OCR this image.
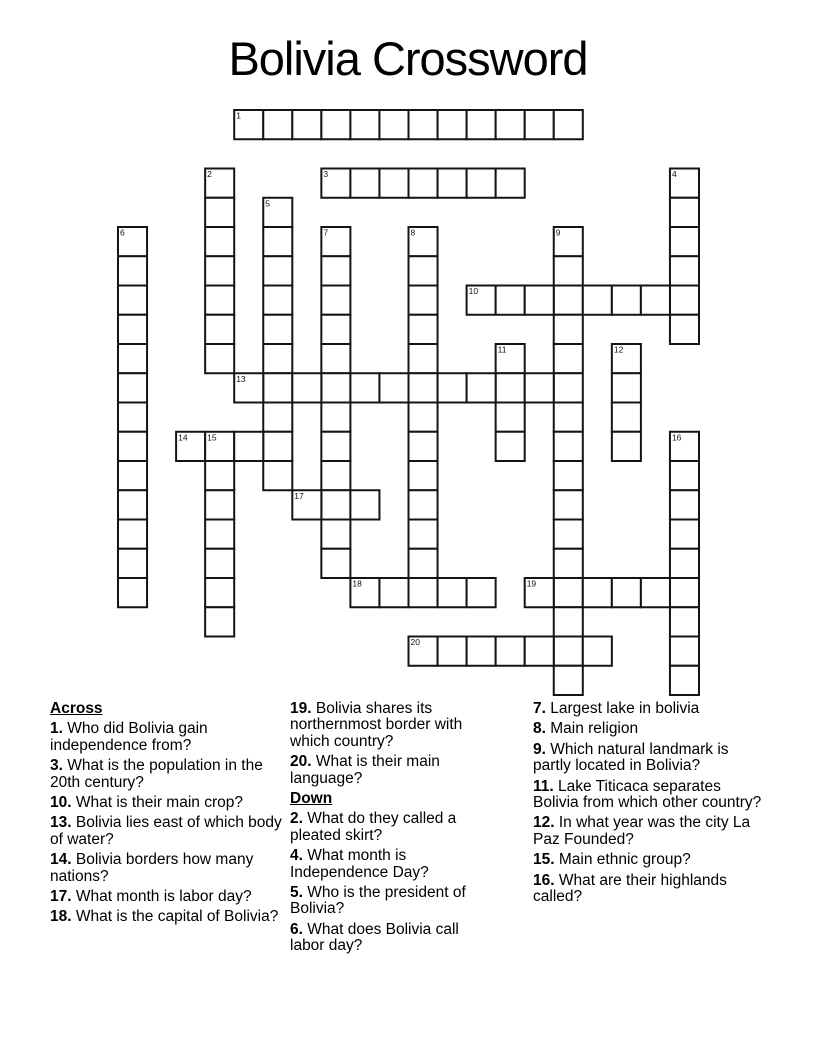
Bolivia Crossword
1
2	3	4
5
6	7	8	9
10
11	12
13
14 15	16
17
18	19
20
Across

1. Who did Bolivia gain independence from?

3. What is the population in the 20th century?

10. What is their main crop?

13. Bolivia lies east of which body of water?

14. Bolivia borders how many nations?

17. What month is labor day?

18. What is the capital of Bolivia?

19. Bolivia shares its northernmost border with which country?

20. What is their main language?

Down

2. What do they called a pleated skirt?

4. What month is Independence Day?

5. Who is the president of Bolivia?

6. What does Bolivia call labor day?

7. Largest lake in bolivia

8. Main religion

9. Which natural landmark is partly located in Bolivia?

11. Lake Titicaca separates Bolivia from which other country?

12. In what year was the city La Paz Founded?

15. Main ethnic group?

16. What are their highlands called?
